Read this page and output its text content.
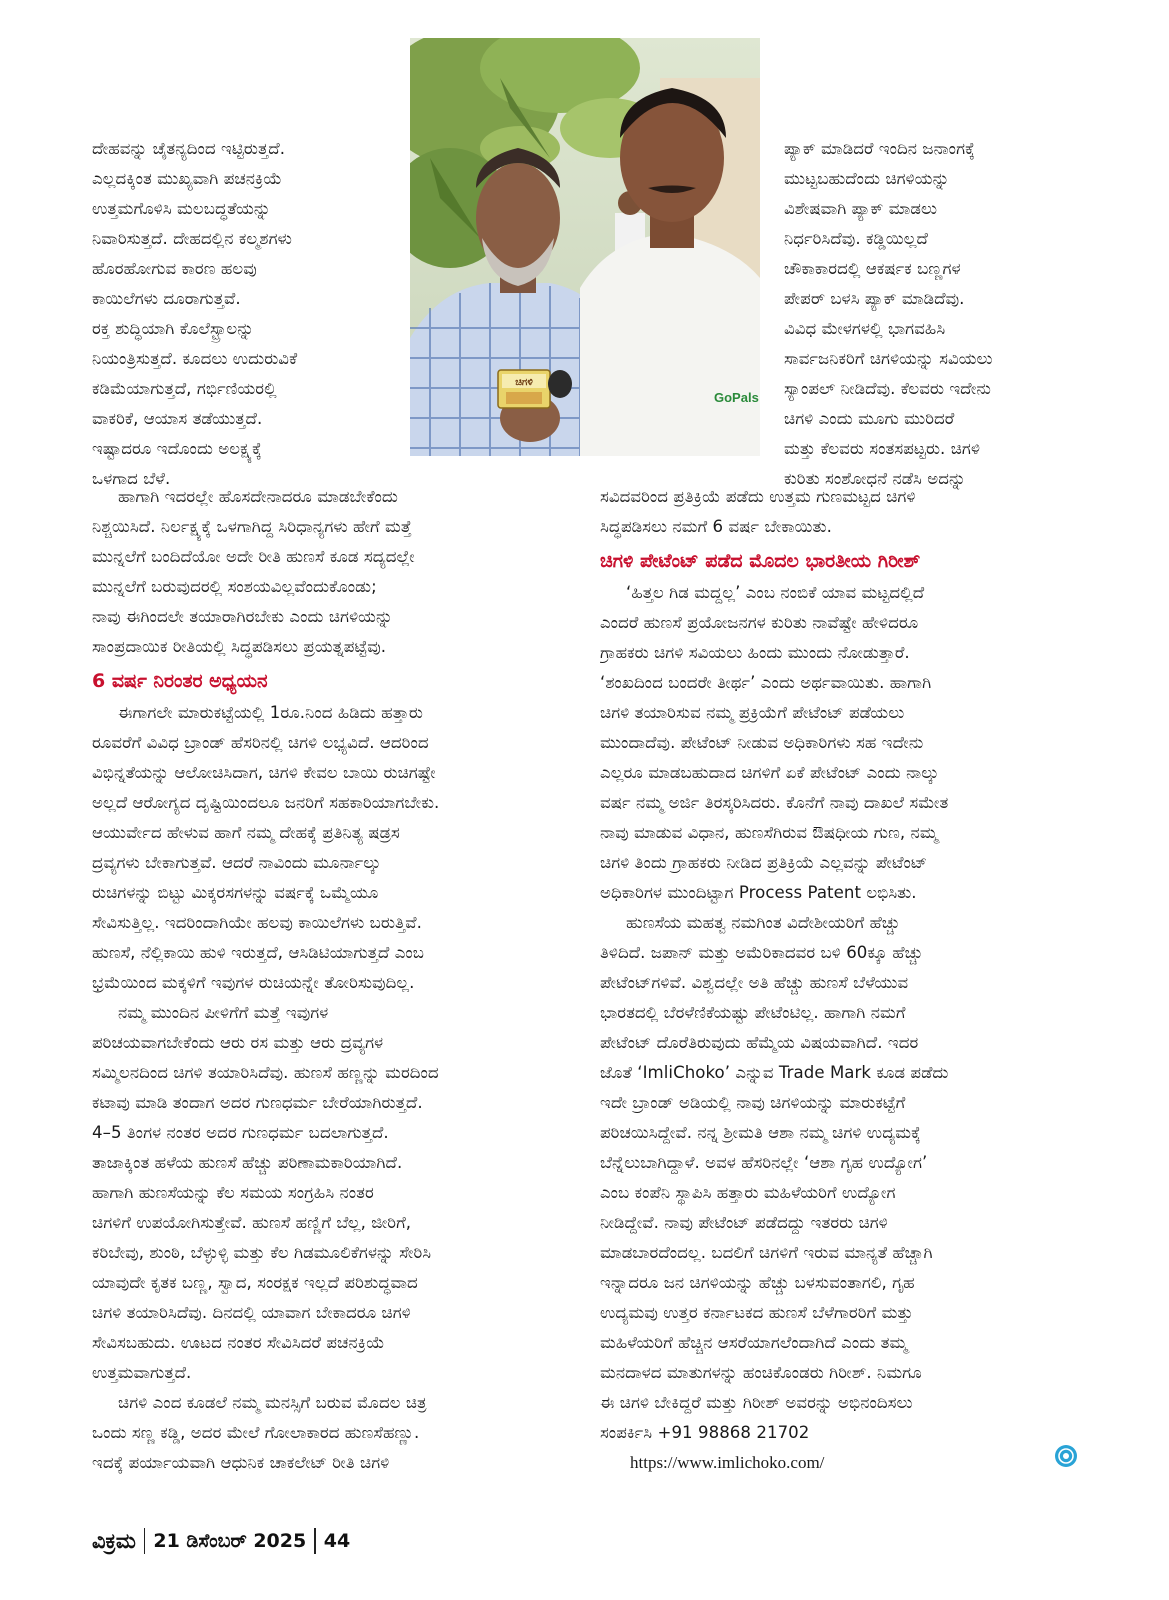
GoPals
ಚಿಗಳಿ
ದೇಹವನ್ನು ಚೈತನ್ಯದಿಂದ ಇಟ್ಟಿರುತ್ತದೆ.
ಎಲ್ಲದಕ್ಕಿಂತ ಮುಖ್ಯವಾಗಿ ಪಚನಕ್ರಿಯೆ
ಉತ್ತಮಗೊಳಿಸಿ ಮಲಬದ್ಧತೆಯನ್ನು
ನಿವಾರಿಸುತ್ತದೆ. ದೇಹದಲ್ಲಿನ ಕಲ್ಮಶಗಳು
ಹೊರಹೋಗುವ ಕಾರಣ ಹಲವು
ಕಾಯಿಲೆಗಳು ದೂರಾಗುತ್ತವೆ.
ರಕ್ತ ಶುದ್ಧಿಯಾಗಿ ಕೊಲೆಸ್ಟ್ರಾಲನ್ನು
ನಿಯಂತ್ರಿಸುತ್ತದೆ. ಕೂದಲು ಉದುರುವಿಕೆ
ಕಡಿಮೆಯಾಗುತ್ತದೆ, ಗರ್ಭಿಣಿಯರಲ್ಲಿ
ವಾಕರಿಕೆ, ಆಯಾಸ ತಡೆಯುತ್ತದೆ.
ಇಷ್ಟಾದರೂ ಇದೊಂದು ಅಲಕ್ಷ್ಯಕ್ಕೆ
ಒಳಗಾದ ಬೆಳೆ.
ಪ್ಯಾಕ್ ಮಾಡಿದರೆ ಇಂದಿನ ಜನಾಂಗಕ್ಕೆ
ಮುಟ್ಟಬಹುದೆಂದು ಚಿಗಳಿಯನ್ನು
ವಿಶೇಷವಾಗಿ ಪ್ಯಾಕ್ ಮಾಡಲು
ನಿರ್ಧರಿಸಿದೆವು. ಕಡ್ಡಿಯಿಲ್ಲದೆ
ಚೌಕಾಕಾರದಲ್ಲಿ ಆಕರ್ಷಕ ಬಣ್ಣಗಳ
ಪೇಪರ್ ಬಳಸಿ ಪ್ಯಾಕ್ ಮಾಡಿದೆವು.
ವಿವಿಧ ಮೇಳಗಳಲ್ಲಿ ಭಾಗವಹಿಸಿ
ಸಾರ್ವಜನಿಕರಿಗೆ ಚಿಗಳಿಯನ್ನು ಸವಿಯಲು
ಸ್ಯಾಂಪಲ್ ನೀಡಿದೆವು. ಕೆಲವರು ಇದೇನು
ಚಿಗಳಿ ಎಂದು ಮೂಗು ಮುರಿದರೆ
ಮತ್ತು ಕೆಲವರು ಸಂತಸಪಟ್ಟರು. ಚಿಗಳಿ
ಕುರಿತು ಸಂಶೋಧನೆ ನಡೆಸಿ ಅದನ್ನು
ಹಾಗಾಗಿ ಇದರಲ್ಲೇ ಹೊಸದೇನಾದರೂ ಮಾಡಬೇಕೆಂದು
ನಿಶ್ಚಯಿಸಿದೆ. ನಿರ್ಲಕ್ಷ್ಯಕ್ಕೆ ಒಳಗಾಗಿದ್ದ ಸಿರಿಧಾನ್ಯಗಳು ಹೇಗೆ ಮತ್ತೆ
ಮುನ್ನಲೆಗೆ ಬಂದಿದೆಯೋ ಅದೇ ರೀತಿ ಹುಣಸೆ ಕೂಡ ಸದ್ಯದಲ್ಲೇ
ಮುನ್ನಲೆಗೆ ಬರುವುದರಲ್ಲಿ ಸಂಶಯವಿಲ್ಲವೆಂದುಕೊಂಡು;
ನಾವು ಈಗಿಂದಲೇ ತಯಾರಾಗಿರಬೇಕು ಎಂದು ಚಿಗಳಿಯನ್ನು
ಸಾಂಪ್ರದಾಯಿಕ ರೀತಿಯಲ್ಲಿ ಸಿದ್ಧಪಡಿಸಲು ಪ್ರಯತ್ನಪಟ್ಟೆವು.
6 ವರ್ಷ ನಿರಂತರ ಅಧ್ಯಯನ
ಈಗಾಗಲೇ ಮಾರುಕಟ್ಟೆಯಲ್ಲಿ 1ರೂ.ನಿಂದ ಹಿಡಿದು ಹತ್ತಾರು
ರೂವರೆಗೆ ವಿವಿಧ ಬ್ರಾಂಡ್ ಹೆಸರಿನಲ್ಲಿ ಚಿಗಳಿ ಲಭ್ಯವಿದೆ. ಆದರಿಂದ
ವಿಭಿನ್ನತೆಯನ್ನು ಆಲೋಚಿಸಿದಾಗ, ಚಿಗಳಿ ಕೇವಲ ಬಾಯಿ ರುಚಿಗಷ್ಟೇ
ಅಲ್ಲದೆ ಆರೋಗ್ಯದ ದೃಷ್ಟಿಯಿಂದಲೂ ಜನರಿಗೆ ಸಹಕಾರಿಯಾಗಬೇಕು.
ಆಯುರ್ವೇದ ಹೇಳುವ ಹಾಗೆ ನಮ್ಮ ದೇಹಕ್ಕೆ ಪ್ರತಿನಿತ್ಯ ಷಡ್ರಸ
ದ್ರವ್ಯಗಳು ಬೇಕಾಗುತ್ತವೆ. ಆದರೆ ನಾವಿಂದು ಮೂರ್ನಾಲ್ಕು
ರುಚಿಗಳನ್ನು ಬಿಟ್ಟು ಮಿಕ್ಕರಸಗಳನ್ನು ವರ್ಷಕ್ಕೆ ಒಮ್ಮೆಯೂ
ಸೇವಿಸುತ್ತಿಲ್ಲ. ಇದರಿಂದಾಗಿಯೇ ಹಲವು ಕಾಯಿಲೆಗಳು ಬರುತ್ತಿವೆ.
ಹುಣಸೆ, ನೆಲ್ಲಿಕಾಯಿ ಹುಳಿ ಇರುತ್ತದೆ, ಆಸಿಡಿಟಿಯಾಗುತ್ತದೆ ಎಂಬ
ಭ್ರಮೆಯಿಂದ ಮಕ್ಕಳಿಗೆ ಇವುಗಳ ರುಚಿಯನ್ನೇ ತೋರಿಸುವುದಿಲ್ಲ.
ನಮ್ಮ ಮುಂದಿನ ಪೀಳಿಗೆಗೆ ಮತ್ತೆ ಇವುಗಳ
ಪರಿಚಯವಾಗಬೇಕೆಂದು ಆರು ರಸ ಮತ್ತು ಆರು ದ್ರವ್ಯಗಳ
ಸಮ್ಮಿಲನದಿಂದ ಚಿಗಳಿ ತಯಾರಿಸಿದೆವು. ಹುಣಸೆ ಹಣ್ಣನ್ನು ಮರದಿಂದ
ಕಟಾವು ಮಾಡಿ ತಂದಾಗ ಅದರ ಗುಣಧರ್ಮ ಬೇರೆಯಾಗಿರುತ್ತದೆ.
4–5 ತಿಂಗಳ ನಂತರ ಅದರ ಗುಣಧರ್ಮ ಬದಲಾಗುತ್ತದೆ.
ತಾಜಾಕ್ಕಿಂತ ಹಳೆಯ ಹುಣಸೆ ಹೆಚ್ಚು ಪರಿಣಾಮಕಾರಿಯಾಗಿದೆ.
ಹಾಗಾಗಿ ಹುಣಸೆಯನ್ನು ಕೆಲ ಸಮಯ ಸಂಗ್ರಹಿಸಿ ನಂತರ
ಚಿಗಳಿಗೆ ಉಪಯೋಗಿಸುತ್ತೇವೆ. ಹುಣಸೆ ಹಣ್ಣಿಗೆ ಬೆಲ್ಲ, ಜೀರಿಗೆ,
ಕರಿಬೇವು, ಶುಂಠಿ, ಬೆಳ್ಳುಳ್ಳಿ ಮತ್ತು ಕೆಲ ಗಿಡಮೂಲಿಕೆಗಳನ್ನು ಸೇರಿಸಿ
ಯಾವುದೇ ಕೃತಕ ಬಣ್ಣ, ಸ್ವಾದ, ಸಂರಕ್ಷಕ ಇಲ್ಲದೆ ಪರಿಶುದ್ಧವಾದ
ಚಿಗಳಿ ತಯಾರಿಸಿದೆವು. ದಿನದಲ್ಲಿ ಯಾವಾಗ ಬೇಕಾದರೂ ಚಿಗಳಿ
ಸೇವಿಸಬಹುದು. ಊಟದ ನಂತರ ಸೇವಿಸಿದರೆ ಪಚನಕ್ರಿಯೆ
ಉತ್ತಮವಾಗುತ್ತದೆ.
ಚಿಗಳಿ ಎಂದ ಕೂಡಲೆ ನಮ್ಮ ಮನಸ್ಸಿಗೆ ಬರುವ ಮೊದಲ ಚಿತ್ರ
ಒಂದು ಸಣ್ಣ ಕಡ್ಡಿ, ಅದರ ಮೇಲೆ ಗೋಲಾಕಾರದ ಹುಣಸೆಹಣ್ಣು.
ಇದಕ್ಕೆ ಪರ್ಯಾಯವಾಗಿ ಆಧುನಿಕ ಚಾಕಲೇಟ್ ರೀತಿ ಚಿಗಳಿ
ಸವಿದವರಿಂದ ಪ್ರತಿಕ್ರಿಯೆ ಪಡೆದು ಉತ್ತಮ ಗುಣಮಟ್ಟದ ಚಿಗಳಿ
ಸಿದ್ಧಪಡಿಸಲು ನಮಗೆ 6 ವರ್ಷ ಬೇಕಾಯಿತು.
ಚಿಗಳಿ ಪೇಟೆಂಟ್ ಪಡೆದ ಮೊದಲ ಭಾರತೀಯ ಗಿರೀಶ್
‘ಹಿತ್ತಲ ಗಿಡ ಮದ್ದಲ್ಲ’ ಎಂಬ ನಂಬಿಕೆ ಯಾವ ಮಟ್ಟದಲ್ಲಿದೆ
ಎಂದರೆ ಹುಣಸೆ ಪ್ರಯೋಜನಗಳ ಕುರಿತು ನಾವೆಷ್ಟೇ ಹೇಳಿದರೂ
ಗ್ರಾಹಕರು ಚಿಗಳಿ ಸವಿಯಲು ಹಿಂದು ಮುಂದು ನೋಡುತ್ತಾರೆ.
‘ಶಂಖದಿಂದ ಬಂದರೇ ತೀರ್ಥ’ ಎಂದು ಅರ್ಥವಾಯಿತು. ಹಾಗಾಗಿ
ಚಿಗಳಿ ತಯಾರಿಸುವ ನಮ್ಮ ಪ್ರಕ್ರಿಯೆಗೆ ಪೇಟೆಂಟ್ ಪಡೆಯಲು
ಮುಂದಾದೆವು. ಪೇಟೆಂಟ್ ನೀಡುವ ಅಧಿಕಾರಿಗಳು ಸಹ ಇದೇನು
ಎಲ್ಲರೂ ಮಾಡಬಹುದಾದ ಚಿಗಳಿಗೆ ಏಕೆ ಪೇಟೆಂಟ್ ಎಂದು ನಾಲ್ಕು
ವರ್ಷ ನಮ್ಮ ಅರ್ಜಿ ತಿರಸ್ಕರಿಸಿದರು. ಕೊನೆಗೆ ನಾವು ದಾಖಲೆ ಸಮೇತ
ನಾವು ಮಾಡುವ ವಿಧಾನ, ಹುಣಸೆಗಿರುವ ಔಷಧೀಯ ಗುಣ, ನಮ್ಮ
ಚಿಗಳಿ ತಿಂದು ಗ್ರಾಹಕರು ನೀಡಿದ ಪ್ರತಿಕ್ರಿಯೆ ಎಲ್ಲವನ್ನು ಪೇಟೆಂಟ್
ಅಧಿಕಾರಿಗಳ ಮುಂದಿಟ್ಟಾಗ Process Patent ಲಭಿಸಿತು.
ಹುಣಸೆಯ ಮಹತ್ವ ನಮಗಿಂತ ವಿದೇಶೀಯರಿಗೆ ಹೆಚ್ಚು
ತಿಳಿದಿದೆ. ಜಪಾನ್ ಮತ್ತು ಅಮೆರಿಕಾದವರ ಬಳಿ 60ಕ್ಕೂ ಹೆಚ್ಚು
ಪೇಟೆಂಟ್‌ಗಳಿವೆ. ವಿಶ್ವದಲ್ಲೇ ಅತಿ ಹೆಚ್ಚು ಹುಣಸೆ ಬೆಳೆಯುವ
ಭಾರತದಲ್ಲಿ ಬೆರಳೆಣಿಕೆಯಷ್ಟು ಪೇಟೆಂಟಿಲ್ಲ. ಹಾಗಾಗಿ ನಮಗೆ
ಪೇಟೆಂಟ್ ದೊರೆತಿರುವುದು ಹೆಮ್ಮೆಯ ವಿಷಯವಾಗಿದೆ. ಇದರ
ಜೊತೆ ‘ImliChoko’ ಎನ್ನುವ Trade Mark ಕೂಡ ಪಡೆದು
ಇದೇ ಬ್ರಾಂಡ್ ಅಡಿಯಲ್ಲಿ ನಾವು ಚಿಗಳಿಯನ್ನು ಮಾರುಕಟ್ಟೆಗೆ
ಪರಿಚಯಿಸಿದ್ದೇವೆ. ನನ್ನ ಶ್ರೀಮತಿ ಆಶಾ ನಮ್ಮ ಚಿಗಳಿ ಉದ್ಯಮಕ್ಕೆ
ಬೆನ್ನೆಲುಬಾಗಿದ್ದಾಳೆ. ಅವಳ ಹೆಸರಿನಲ್ಲೇ ‘ಆಶಾ ಗೃಹ ಉದ್ಯೋಗ’
ಎಂಬ ಕಂಪೆನಿ ಸ್ಥಾಪಿಸಿ ಹತ್ತಾರು ಮಹಿಳೆಯರಿಗೆ ಉದ್ಯೋಗ
ನೀಡಿದ್ದೇವೆ. ನಾವು ಪೇಟೆಂಟ್ ಪಡೆದದ್ದು ಇತರರು ಚಿಗಳಿ
ಮಾಡಬಾರದೆಂದಲ್ಲ. ಬದಲಿಗೆ ಚಿಗಳಿಗೆ ಇರುವ ಮಾನ್ಯತೆ ಹೆಚ್ಚಾಗಿ
ಇನ್ನಾದರೂ ಜನ ಚಿಗಳಿಯನ್ನು ಹೆಚ್ಚು ಬಳಸುವಂತಾಗಲಿ, ಗೃಹ
ಉದ್ಯಮವು ಉತ್ತರ ಕರ್ನಾಟಕದ ಹುಣಸೆ ಬೆಳೆಗಾರರಿಗೆ ಮತ್ತು
ಮಹಿಳೆಯರಿಗೆ ಹೆಚ್ಚಿನ ಆಸರೆಯಾಗಲೆಂದಾಗಿದೆ ಎಂದು ತಮ್ಮ
ಮನದಾಳದ ಮಾತುಗಳನ್ನು ಹಂಚಿಕೊಂಡರು ಗಿರೀಶ್. ನಿಮಗೂ
ಈ ಚಿಗಳಿ ಬೇಕಿದ್ದರೆ ಮತ್ತು ಗಿರೀಶ್ ಅವರನ್ನು ಅಭಿನಂದಿಸಲು
ಸಂಪರ್ಕಿಸಿ +91 98868 21702
https://www.imlichoko.com/
ವಿಕ್ರಮ 21 ಡಿಸೆಂಬರ್ 2025 44
